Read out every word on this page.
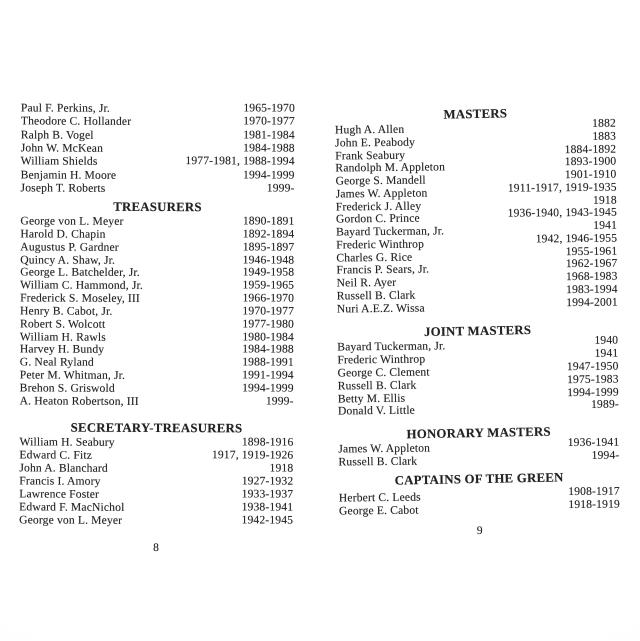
Paul F. Perkins, Jr.	1965-1970
Theodore C. Hollander	1970-1977
Ralph B. Vogel	1981-1984
John W. McKean	1984-1988
William Shields	1977-1981, 1988-1994
Benjamin H. Moore	1994-1999
Joseph T. Roberts	1999-
TREASURERS
George von L. Meyer	1890-1891
Harold D. Chapin	1892-1894
Augustus P. Gardner	1895-1897
Quincy A. Shaw, Jr.	1946-1948
George L. Batchelder, Jr.	1949-1958
William C. Hammond, Jr.	1959-1965
Frederick S. Moseley, III	1966-1970
Henry B. Cabot, Jr.	1970-1977
Robert S. Wolcott	1977-1980
William H. Rawls	1980-1984
Harvey H. Bundy	1984-1988
G. Neal Ryland	1988-1991
Peter M. Whitman, Jr.	1991-1994
Brehon S. Griswold	1994-1999
A. Heaton Robertson, III	1999-
SECRETARY-TREASURERS
William H. Seabury	1898-1916
Edward C. Fitz	1917, 1919-1926
John A. Blanchard	1918
Francis I. Amory	1927-1932
Lawrence Foster	1933-1937
Edward F. MacNichol	1938-1941
George von L. Meyer	1942-1945
8
MASTERS
Hugh A. Allen	1882
John E. Peabody	1883
Frank Seabury	1884-1892
Randolph M. Appleton	1893-1900
George S. Mandell	1901-1910
James W. Appleton	1911-1917, 1919-1935
Frederick J. Alley	1918
Gordon C. Prince	1936-1940, 1943-1945
Bayard Tuckerman, Jr.	1941
Frederic Winthrop	1942, 1946-1955
Charles G. Rice	1955-1961
Francis P. Sears, Jr.	1962-1967
Neil R. Ayer	1968-1983
Russell B. Clark	1983-1994
Nuri A.E.Z. Wissa	1994-2001
JOINT MASTERS
Bayard Tuckerman, Jr.	1940
Frederic Winthrop	1941
George C. Clement	1947-1950
Russell B. Clark	1975-1983
Betty M. Ellis	1994-1999
Donald V. Little	1989-
HONORARY MASTERS
James W. Appleton	1936-1941
Russell B. Clark	1994-
CAPTAINS OF THE GREEN
Herbert C. Leeds	1908-1917
George E. Cabot	1918-1919
9
